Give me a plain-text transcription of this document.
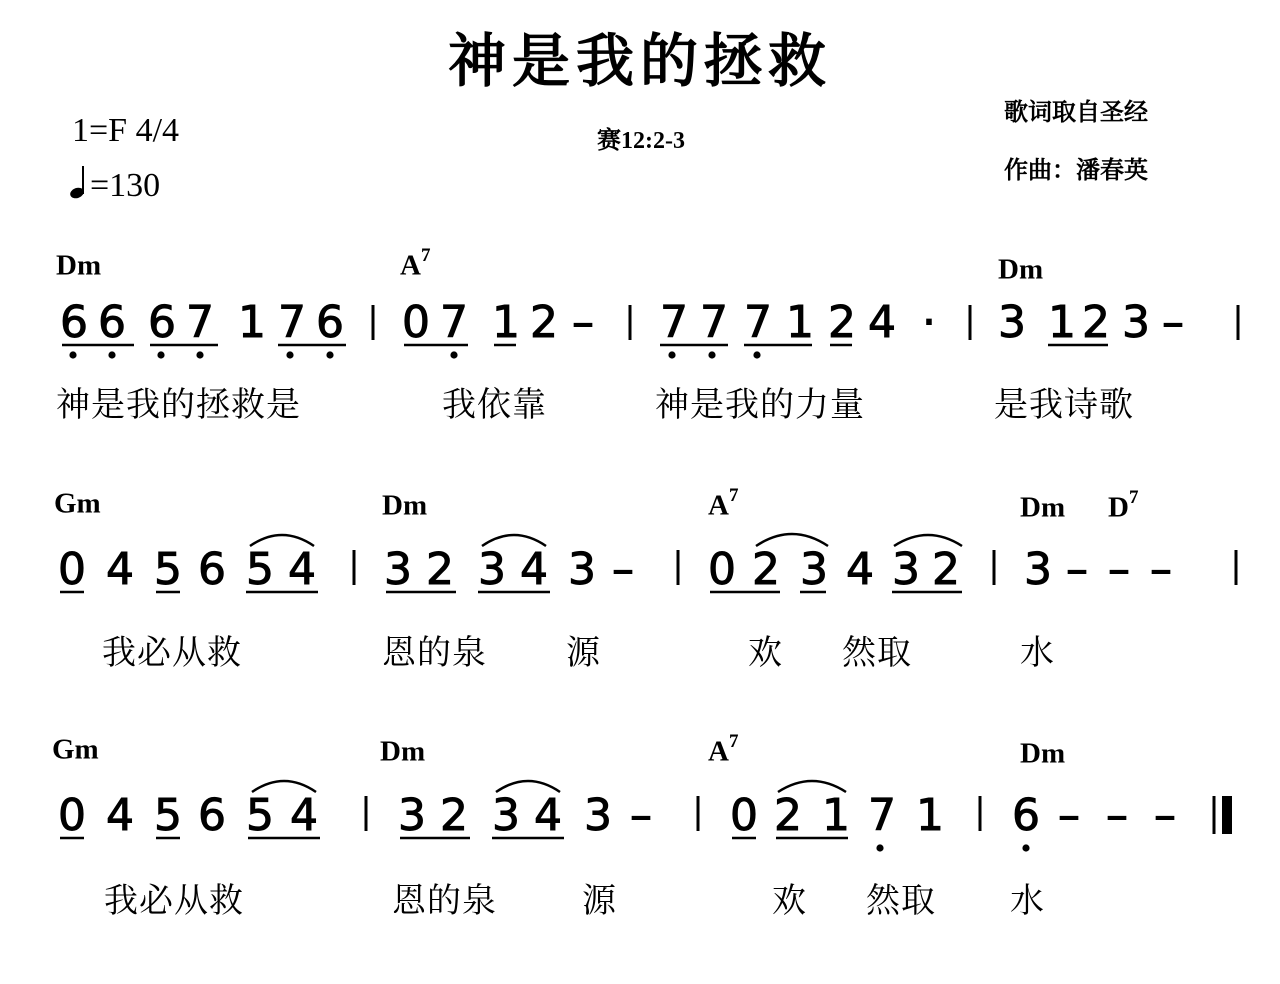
神是我的拯救
1=F 4/4
=130
赛12:2-3
歌词取自圣经
作曲：潘春英
Dm	$A^7$	Dm
Gm	Dm	$A^7$	Dm $D^7$
Gm	Dm	$A^7$	Dm
6 6 6 7 1 7 6 0 7 1 2 – 7 7 7 1 2 4 · 3 1 2 3 –
神是我的拯救是	我依靠	神是我的力量	是我诗歌
0 4 5 6 5 4 3 2 3 4 3 – 0 2 3 4 3 2 3 – – –
我必从救	恩的泉 源	欢 然取	水
0 4 5 6 5 4 3 2 3 4 3 – 0 2 1 7 1 6 – – –
我必从救	恩的泉	源	欢 然取 水
